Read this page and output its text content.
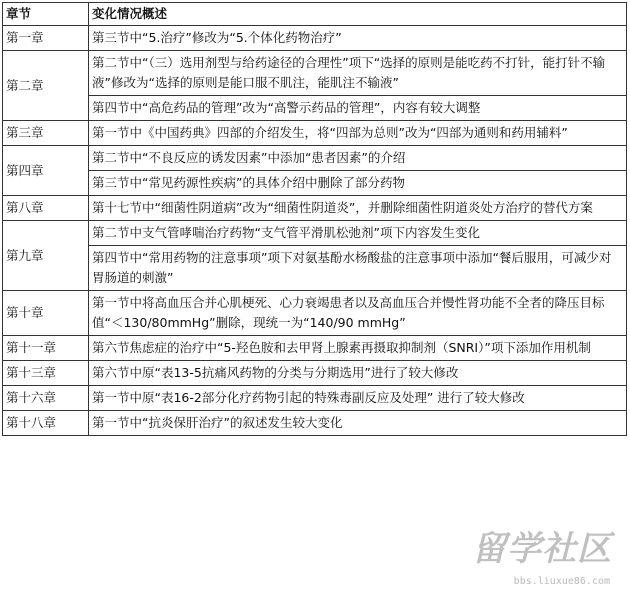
章节	变化情况概述
第一章	第三节中“5.治疗”修改为“5.个体化药物治疗”
第二章	第二节中“（三）选用剂型与给药途径的合理性”项下“选择的原则是能吃药不打针，能打针不输液”修改为“选择的原则是能口服不肌注，能肌注不输液”
	第四节中“高危药品的管理”改为“高警示药品的管理”，内容有较大调整
第三章	第一节中《中国药典》四部的介绍发生，将“四部为总则”改为“四部为通则和药用辅料”
第四章	第二节中“不良反应的诱发因素”中添加“患者因素”的介绍
	第三节中“常见药源性疾病”的具体介绍中删除了部分药物
第八章	第十七节中“细菌性阴道病”改为“细菌性阴道炎”，并删除细菌性阴道炎处方治疗的替代方案
第九章	第二节中支气管哮喘治疗药物“支气管平滑肌松弛剂”项下内容发生变化
	第四节中“常用药物的注意事项”项下对氨基酚水杨酸盐的注意事项中添加“餐后服用，可减少对胃肠道的刺激”
第十章	第一节中将高血压合并心肌梗死、心力衰竭患者以及高血压合并慢性肾功能不全者的降压目标值“＜130/80mmHg”删除，现统一为“140/90 mmHg”
第十一章	第六节焦虑症的治疗中“5-羟色胺和去甲肾上腺素再摄取抑制剂（SNRI）”项下添加作用机制
第十三章	第六节中原“表13-5抗痛风药物的分类与分期选用”进行了较大修改
第十六章	第一节中原“表16-2部分化疗药物引起的特殊毒副反应及处理” 进行了较大修改
第十八章	第一节中“抗炎保肝治疗”的叙述发生较大变化
留学社区
bbs.liuxue86.com
